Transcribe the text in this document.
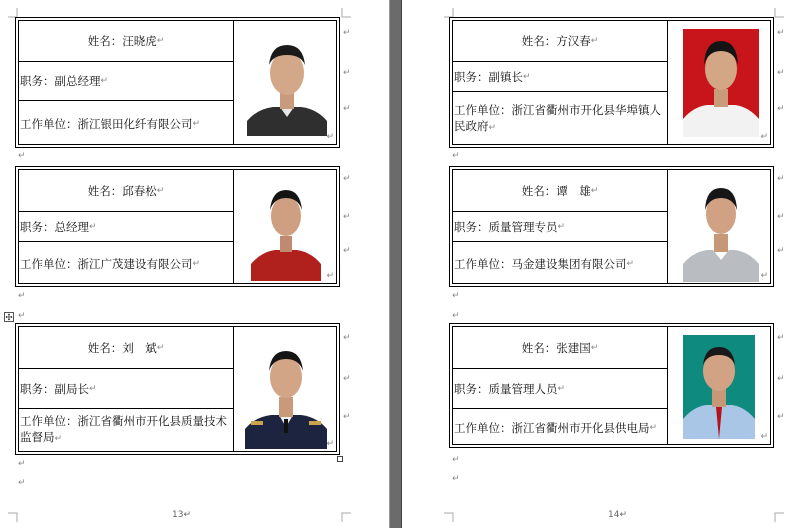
姓名：汪晓虎 ↵
职务：副总经理 ↵
工作单位：浙江银田化纤有限公司 ↵
↵
↵
↵
↵
↵
姓名：邱春松 ↵
职务：总经理 ↵
工作单位：浙江广茂建设有限公司 ↵
↵
↵
↵
↵
↵
↵
姓名：刘　斌 ↵
职务：副局长 ↵
工作单位：浙江省衢州市开化县质量技术监督局↵	↵
↵
↵
↵
↵
↵
13↵
姓名：方汉春 ↵
职务：副镇长 ↵
工作单位：浙江省衢州市开化县华埠镇人民政府↵
↵
↵
↵
↵
↵
姓名：谭　雄 ↵
职务：质量管理专员 ↵
工作单位：马金建设集团有限公司 ↵
↵
↵
↵
↵
↵
↵
姓名：张建国 ↵
职务：质量管理人员 ↵
工作单位：浙江省衢州市开化县供电局 ↵
↵
↵
↵
↵
↵
↵
14↵
